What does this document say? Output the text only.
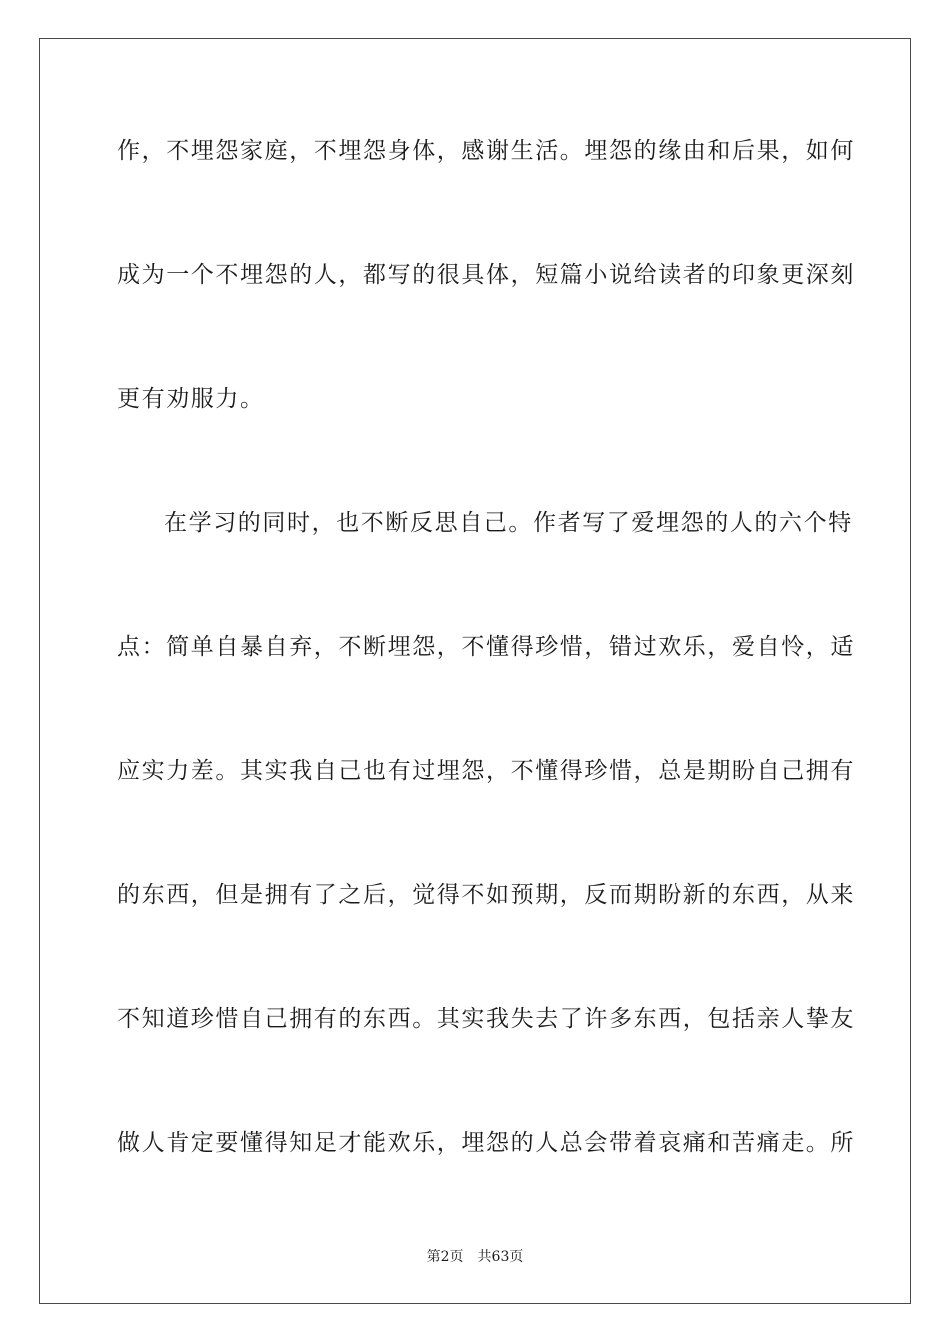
作，不埋怨家庭，不埋怨身体，感谢生活。埋怨的缘由和后果，如何
成为一个不埋怨的人，都写的很具体，短篇小说给读者的印象更深刻
更有劝服力。
在学习的同时，也不断反思自己。作者写了爱埋怨的人的六个特
点：简单自暴自弃，不断埋怨，不懂得珍惜，错过欢乐，爱自怜，适
应实力差。其实我自己也有过埋怨，不懂得珍惜，总是期盼自己拥有
的东西，但是拥有了之后，觉得不如预期，反而期盼新的东西，从来
不知道珍惜自己拥有的东西。其实我失去了许多东西，包括亲人挚友
做人肯定要懂得知足才能欢乐，埋怨的人总会带着哀痛和苦痛走。所
第2页 共63页
